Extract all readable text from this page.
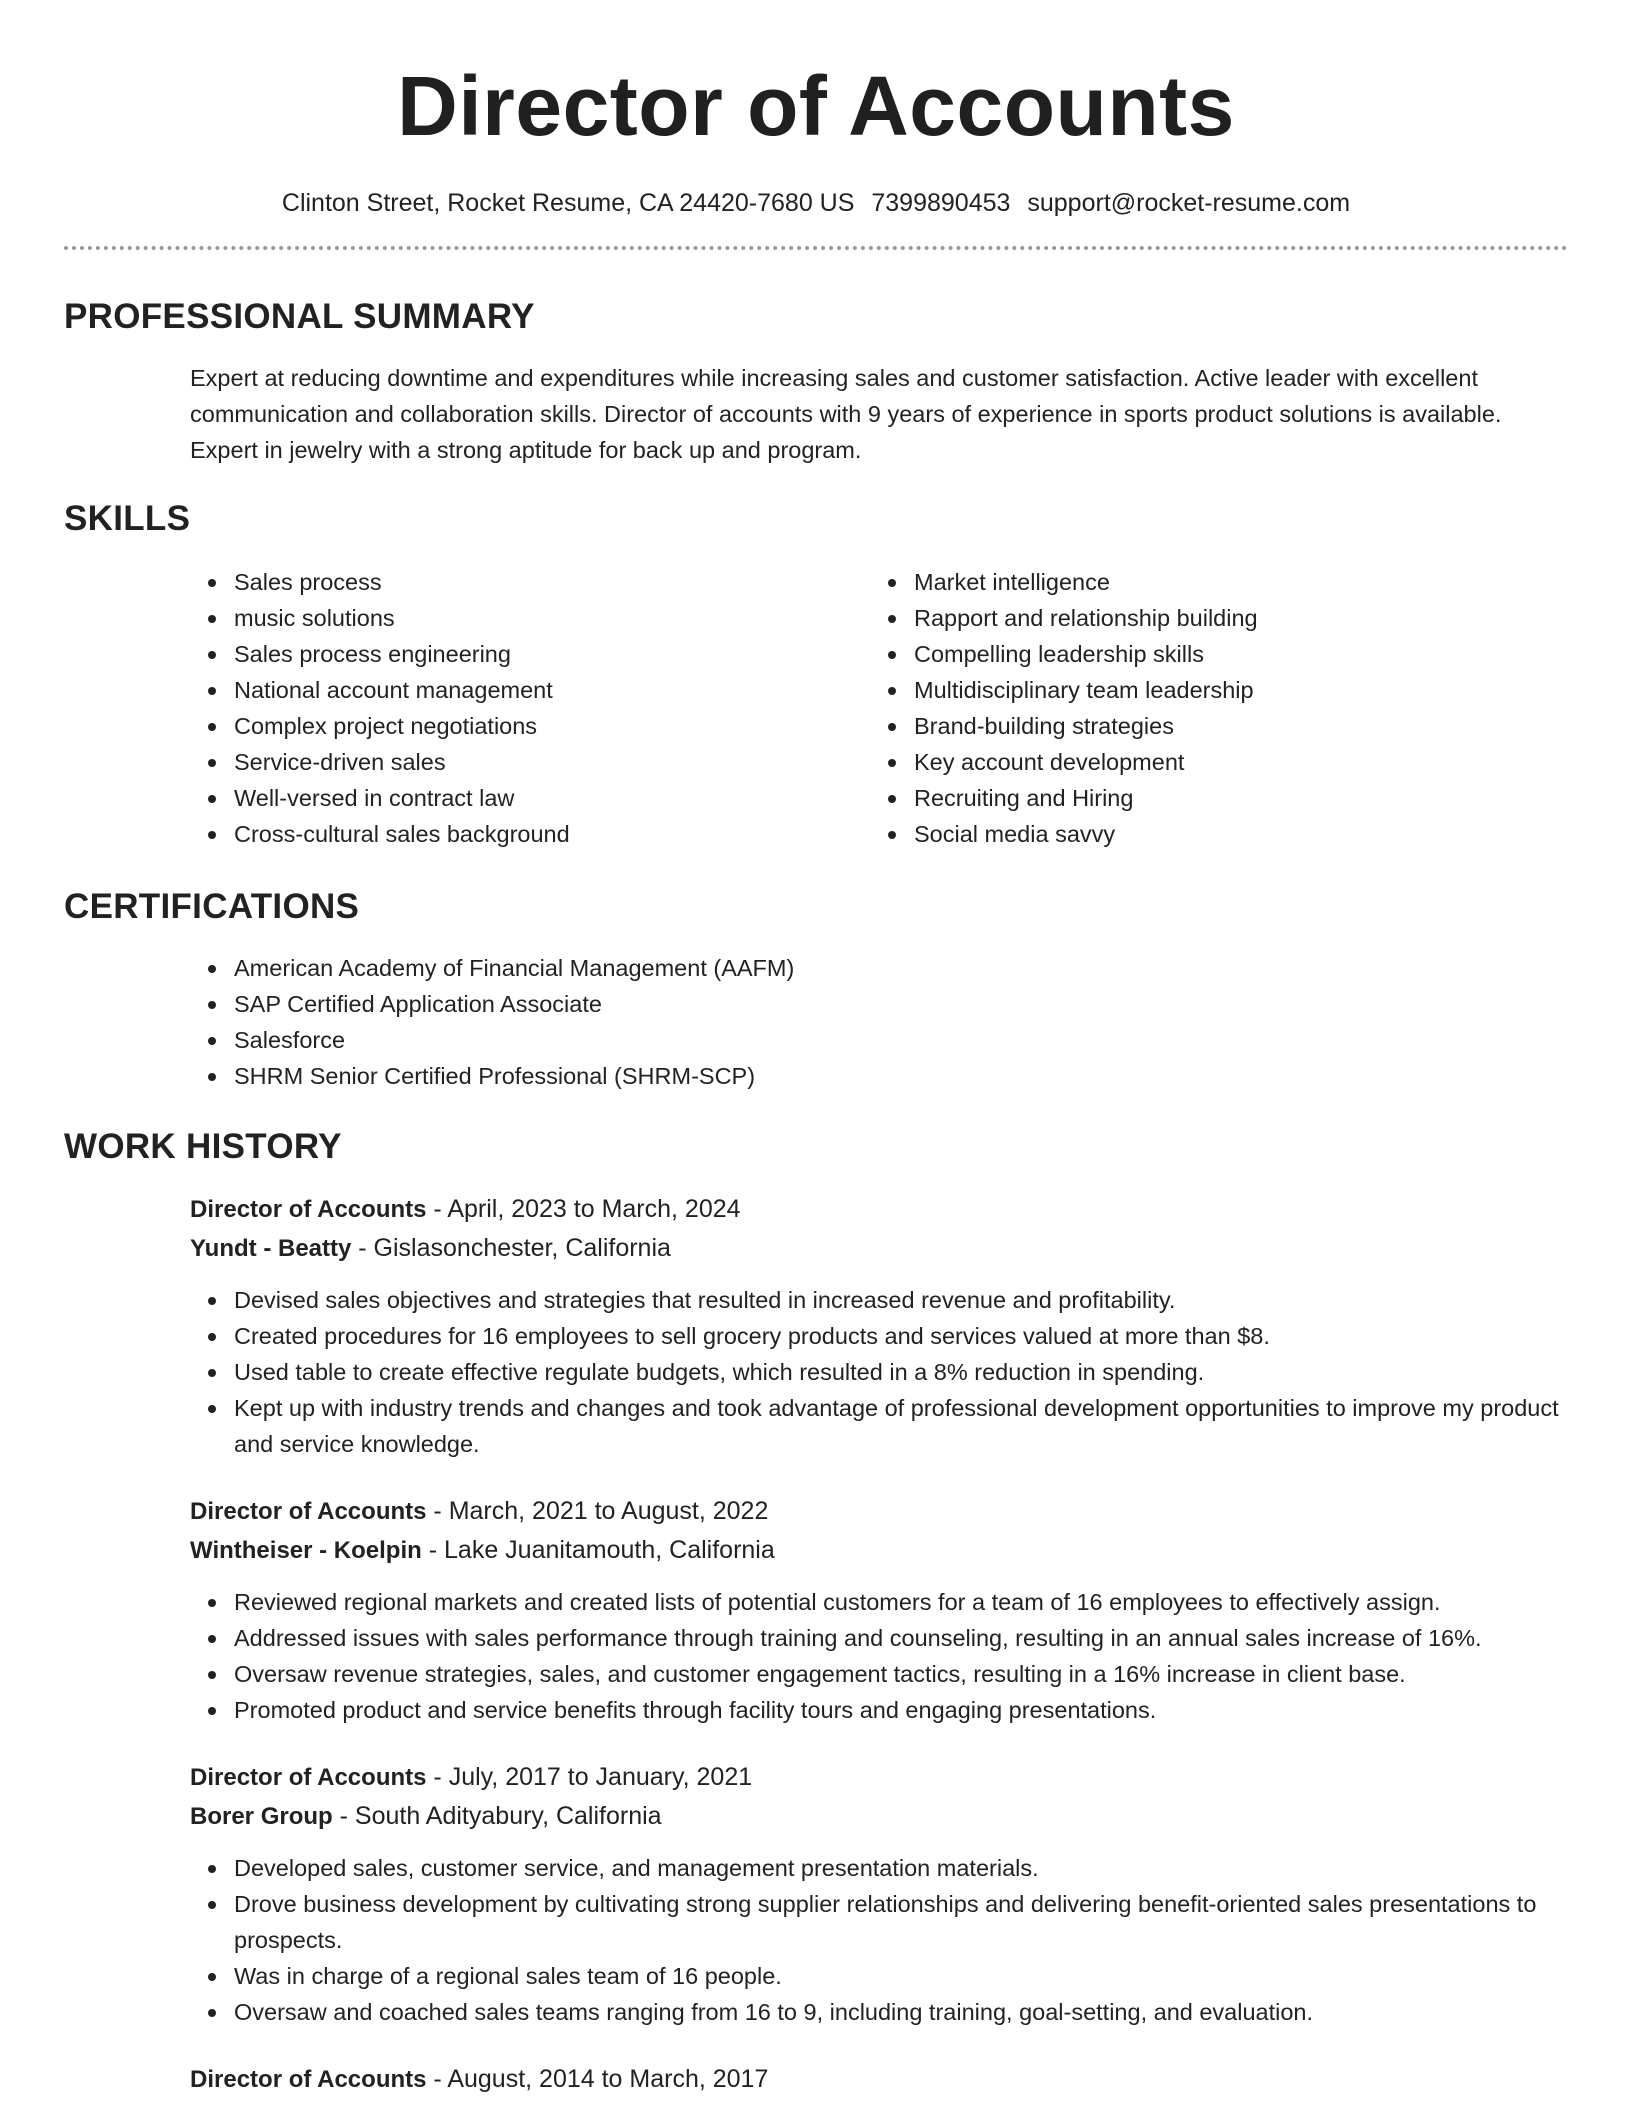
Director of Accounts
Clinton Street, Rocket Resume, CA 24420-7680 US 7399890453 support@rocket-resume.com
PROFESSIONAL SUMMARY

Expert at reducing downtime and expenditures while increasing sales and customer satisfaction. Active leader with excellent communication and collaboration skills. Director of accounts with 9 years of experience in sports product solutions is available. Expert in jewelry with a strong aptitude for back up and program.

SKILLS
Sales process
music solutions
Sales process engineering
National account management
Complex project negotiations
Service-driven sales
Well-versed in contract law
Cross-cultural sales background
Market intelligence
Rapport and relationship building
Compelling leadership skills
Multidisciplinary team leadership
Brand-building strategies
Key account development
Recruiting and Hiring
Social media savvy
CERTIFICATIONS
American Academy of Financial Management (AAFM)
SAP Certified Application Associate
Salesforce
SHRM Senior Certified Professional (SHRM-SCP)
WORK HISTORY
Director of Accounts - April, 2023 to March, 2024
Yundt - Beatty - Gislasonchester, California
Devised sales objectives and strategies that resulted in increased revenue and profitability.
Created procedures for 16 employees to sell grocery products and services valued at more than $8.
Used table to create effective regulate budgets, which resulted in a 8% reduction in spending.
Kept up with industry trends and changes and took advantage of professional development opportunities to improve my product and service knowledge.
Director of Accounts - March, 2021 to August, 2022
Wintheiser - Koelpin - Lake Juanitamouth, California
Reviewed regional markets and created lists of potential customers for a team of 16 employees to effectively assign.
Addressed issues with sales performance through training and counseling, resulting in an annual sales increase of 16%.
Oversaw revenue strategies, sales, and customer engagement tactics, resulting in a 16% increase in client base.
Promoted product and service benefits through facility tours and engaging presentations.
Director of Accounts - July, 2017 to January, 2021
Borer Group - South Adityabury, California
Developed sales, customer service, and management presentation materials.
Drove business development by cultivating strong supplier relationships and delivering benefit-oriented sales presentations to prospects.
Was in charge of a regional sales team of 16 people.
Oversaw and coached sales teams ranging from 16 to 9, including training, goal-setting, and evaluation.
Director of Accounts - August, 2014 to March, 2017
